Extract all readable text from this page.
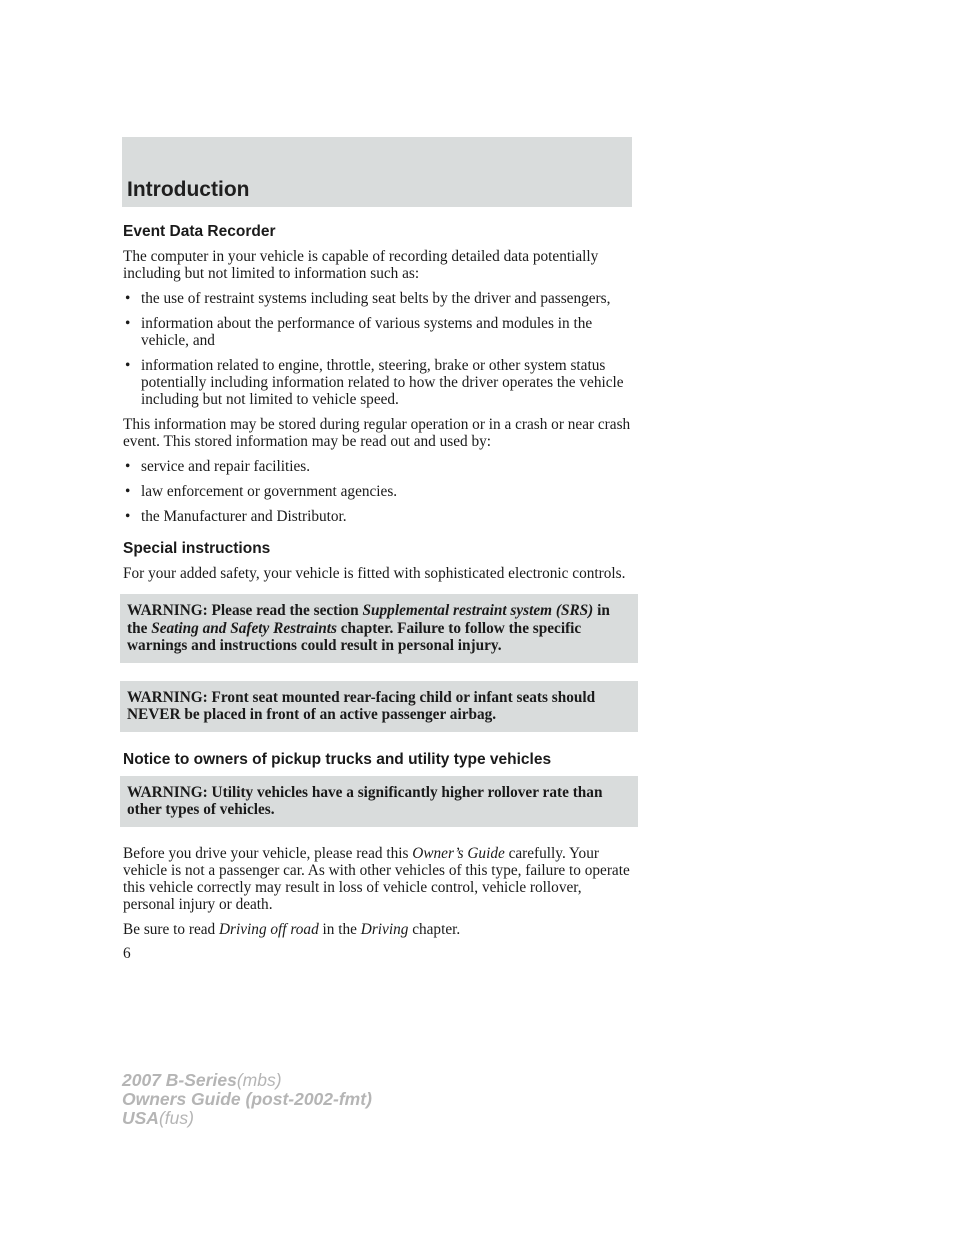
Introduction
Event Data Recorder

The computer in your vehicle is capable of recording detailed data potentially including but not limited to information such as:

• the use of restraint systems including seat belts by the driver and passengers,
• information about the performance of various systems and modules in the vehicle, and
• information related to engine, throttle, steering, brake or other system status potentially including information related to how the driver operates the vehicle including but not limited to vehicle speed.

This information may be stored during regular operation or in a crash or near crash event. This stored information may be read out and used by:

• service and repair facilities.
• law enforcement or government agencies.
• the Manufacturer and Distributor.
Special instructions

For your added safety, your vehicle is fitted with sophisticated electronic controls.

WARNING: Please read the section Supplemental restraint system (SRS) in the Seating and Safety Restraints chapter. Failure to follow the specific warnings and instructions could result in personal injury.
WARNING: Front seat mounted rear-facing child or infant seats should NEVER be placed in front of an active passenger airbag.
Notice to owners of pickup trucks and utility type vehicles
WARNING: Utility vehicles have a significantly higher rollover rate than other types of vehicles.

Before you drive your vehicle, please read this Owner’s Guide carefully. Your vehicle is not a passenger car. As with other vehicles of this type, failure to operate this vehicle correctly may result in loss of vehicle control, vehicle rollover, personal injury or death.

Be sure to read Driving off road in the Driving chapter.

6
2007 B-Series(mbs)
Owners Guide (post-2002-fmt)
USA(fus)
